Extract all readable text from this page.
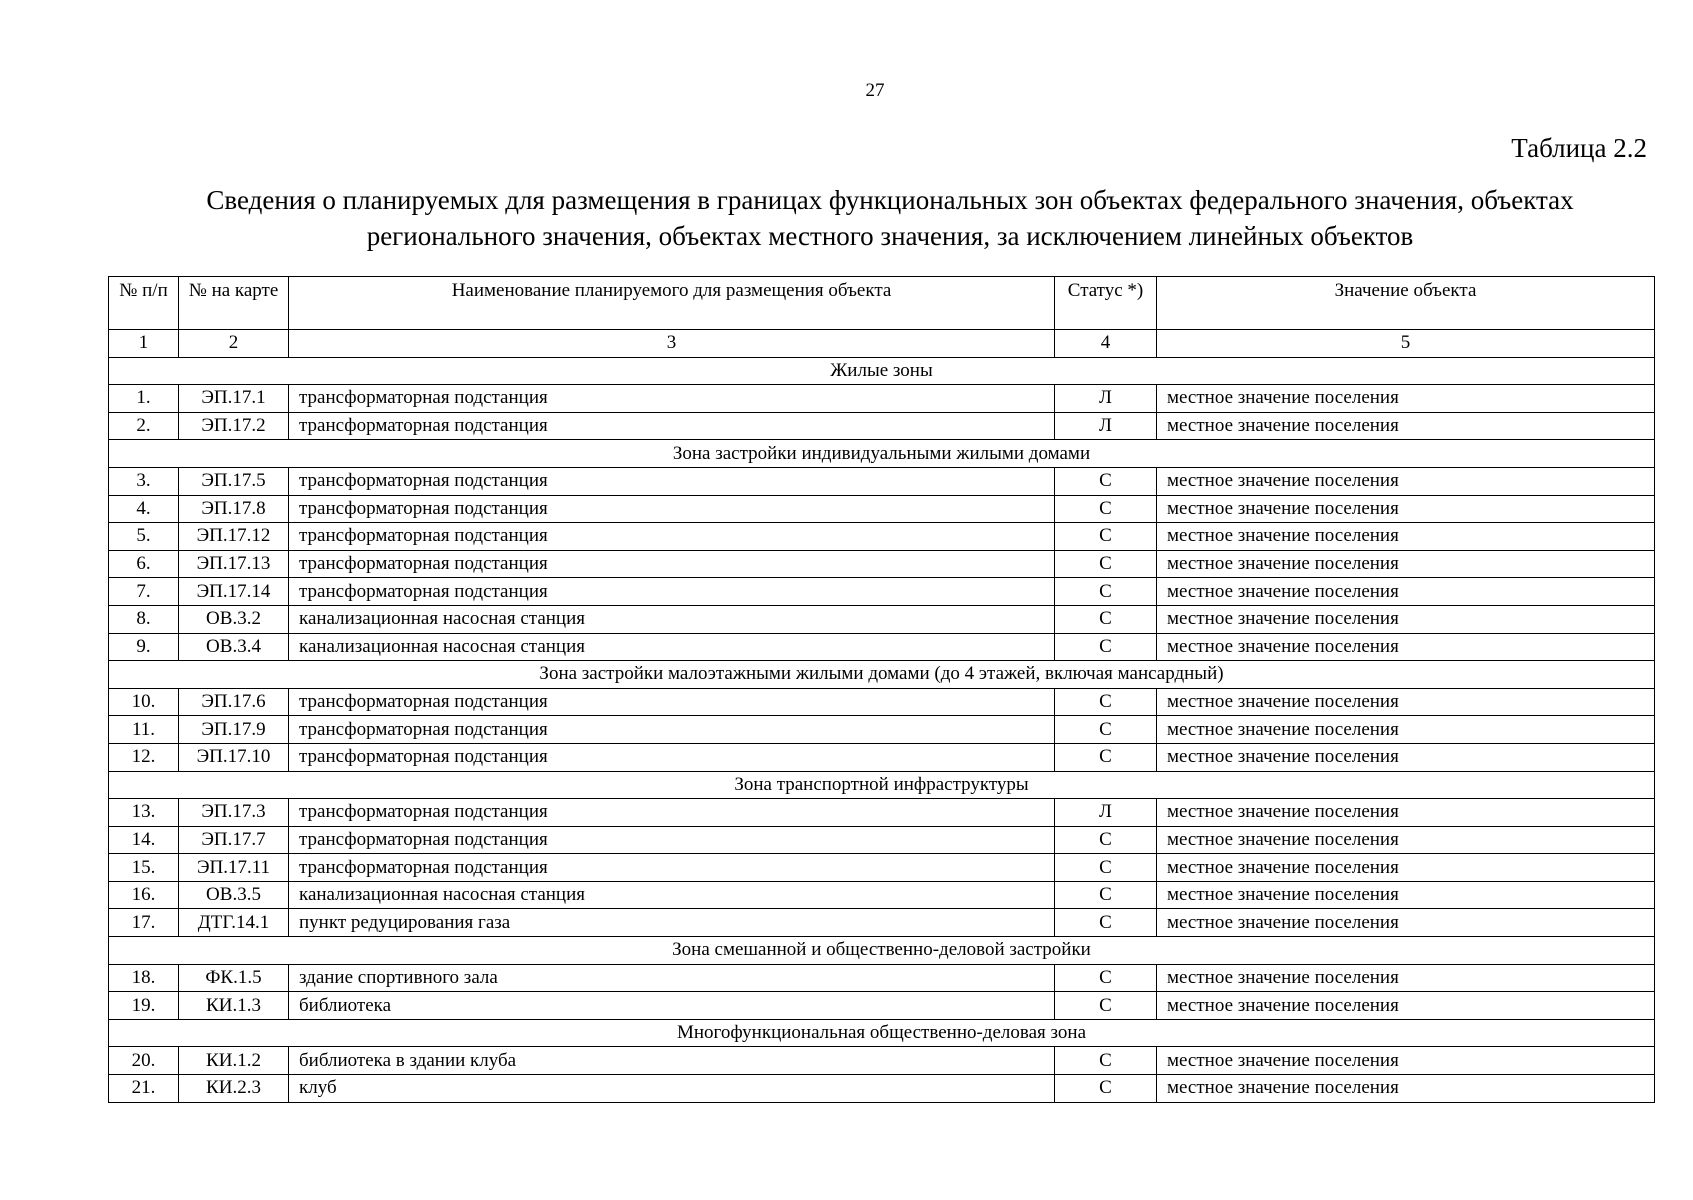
27
Таблица 2.2
Сведения о планируемых для размещения в границах функциональных зон объектах федерального значения, объектах регионального значения, объектах местного значения, за исключением линейных объектов
№ п/п	№ на карте	Наименование планируемого для размещения объекта	Статус *)	Значение объекта
1	2	3	4	5
Жилые зоны				
1.	ЭП.17.1	трансформаторная подстанция	Л	местное значение поселения
2.	ЭП.17.2	трансформаторная подстанция	Л	местное значение поселения
Зона застройки индивидуальными жилыми домами				
3.	ЭП.17.5	трансформаторная подстанция	С	местное значение поселения
4.	ЭП.17.8	трансформаторная подстанция	С	местное значение поселения
5.	ЭП.17.12	трансформаторная подстанция	С	местное значение поселения
6.	ЭП.17.13	трансформаторная подстанция	С	местное значение поселения
7.	ЭП.17.14	трансформаторная подстанция	С	местное значение поселения
8.	ОВ.3.2	канализационная насосная станция	С	местное значение поселения
9.	ОВ.3.4	канализационная насосная станция	С	местное значение поселения
Зона застройки малоэтажными жилыми домами (до 4 этажей, включая мансардный)				
10.	ЭП.17.6	трансформаторная подстанция	С	местное значение поселения
11.	ЭП.17.9	трансформаторная подстанция	С	местное значение поселения
12.	ЭП.17.10	трансформаторная подстанция	С	местное значение поселения
Зона транспортной инфраструктуры				
13.	ЭП.17.3	трансформаторная подстанция	Л	местное значение поселения
14.	ЭП.17.7	трансформаторная подстанция	С	местное значение поселения
15.	ЭП.17.11	трансформаторная подстанция	С	местное значение поселения
16.	ОВ.3.5	канализационная насосная станция	С	местное значение поселения
17.	ДТГ.14.1	пункт редуцирования газа	С	местное значение поселения
Зона смешанной и общественно-деловой застройки				
18.	ФК.1.5	здание спортивного зала	С	местное значение поселения
19.	КИ.1.3	библиотека	С	местное значение поселения
Многофункциональная общественно-деловая зона				
20.	КИ.1.2	библиотека в здании клуба	С	местное значение поселения
21.	КИ.2.3	клуб	С	местное значение поселения
